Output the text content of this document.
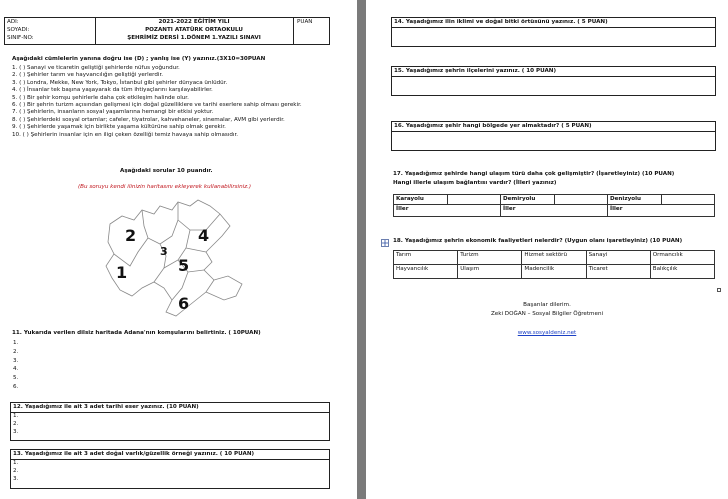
ADI:
SOYADI:
SINIF-NO:
2021-2022 EĞİTİM YILI
POZANTI ATATÜRK ORTAOKULU
ŞEHRİMİZ DERSİ 1.DÖNEM 1.YAZILI SINAVI
PUAN
Aşağıdaki cümlelerin yanına doğru ise (D) ; yanlış ise (Y) yazınız.(3X10=30PUAN
1. ( ) Sanayi ve ticaretin geliştiği şehirlerde nüfus yoğundur.
2. ( ) Şehirler tarım ve hayvancılığın geliştiği yerlerdir.
3. ( ) Londra, Mekke, New York, Tokyo, İstanbul gibi şehirler dünyaca ünlüdür.
4. ( ) İnsanlar tek başına yaşayarak da tüm ihtiyaçlarını karşılayabilirler.
5. ( ) Bir şehir komşu şehirlerle daha çok etkileşim halinde olur.
6. ( ) Bir şehrin turizm açısından gelişmesi için doğal güzelliklere ve tarihi eserlere sahip olması gerekir.
7. ( ) Şehirlerin, insanların sosyal yaşamlarına hemangi bir etkisi yoktur.
8. ( ) Şehirlerdeki sosyal ortamlar; cafeler, tiyatrolar, kahvehaneler, sinemalar, AVM gibi yerlerdir.
9. ( ) Şehirlerde yaşamak için birlikte yaşama kültürüne sahip olmak gerekir.
10. ( ) Şehirlerin insanlar için en iligi çeken özelliği temiz havaya sahip olmasıdır.
Aşağıdaki sorular 10 puandır.
(Bu soruyu kendi ilinizin haritasını ekleyerek kullanabilirsiniz.)
2	4
1	5
3
6
11. Yukarıda verilen dilsiz haritada Adana'nın komşularını belirtiniz. ( 10PUAN)
1.
2.
3.
4.
5.
6.
12. Yaşadığımız ile ait 3 adet tarihi eser yazınız. (10 PUAN)
1.
2.
3.
13. Yaşadığımız ile ait 3 adet doğal varlık/güzellik örneği yazınız. ( 10 PUAN)
1.
2.
3.
14. Yaşadığımız ilin iklimi ve doğal bitki örtüsünü yazınız. ( 5 PUAN)
15. Yaşadığımız şehrin ilçelerini yazınız. ( 10 PUAN)
16. Yaşadığımız şehir hangi bölgede yer almaktadır? ( 5 PUAN)
17. Yaşadığımız şehirde hangi ulaşım türü daha çok gelişmiştir? (İşaretleyiniz) (10 PUAN)
Hangi illerle ulaşım bağlantısı vardır? (İlleri yazınız)
Karayolu		Demiryolu		Denizyolu	
İller		İller		İller	
18. Yaşadığımız şehrin ekonomik faaliyetleri nelerdir? (Uygun olanı işaretleyiniz) (10 PUAN)
Tarım	Turizm	Hizmet sektörü	Sanayi	Ormancılık
Hayvancılık	Ulaşım	Madencilik	Ticaret	Balıkçılık
Başarılar dilerim.
Zeki DOĞAN – Sosyal Bilgiler Öğretmeni
www.sosyaldeniz.net
